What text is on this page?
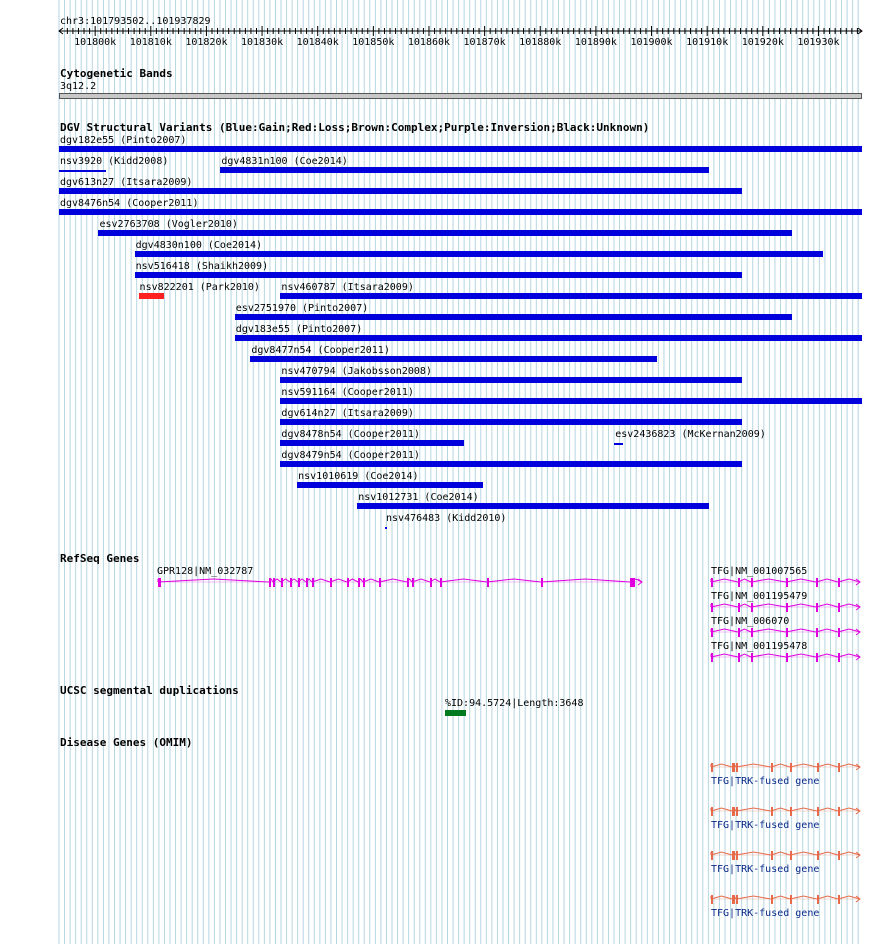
chr3:101793502..101937829
101800k 101810k 101820k 101830k 101840k 101850k 101860k 101870k 101880k 101890k 101900k 101910k 101920k 101930k
Cytogenetic Bands
3q12.2
DGV Structural Variants (Blue:Gain;Red:Loss;Brown:Complex;Purple:Inversion;Black:Unknown)
dgv182e55 (Pinto2007)
nsv3920 (Kidd2008)	dgv4831n100 (Coe2014)
dgv613n27 (Itsara2009)
dgv8476n54 (Cooper2011)
esv2763708 (Vogler2010)
dgv4830n100 (Coe2014)
nsv516418 (Shaikh2009)
nsv822201 (Park2010) nsv460787 (Itsara2009)
esv2751970 (Pinto2007)
dgv183e55 (Pinto2007)
dgv8477n54 (Cooper2011)
nsv470794 (Jakobsson2008)
nsv591164 (Cooper2011)
dgv614n27 (Itsara2009)
dgv8478n54 (Cooper2011)	esv2436823 (McKernan2009)
dgv8479n54 (Cooper2011)
nsv1010619 (Coe2014)
nsv1012731 (Coe2014)
nsv476483 (Kidd2010)
RefSeq Genes
GPR128|NM_032787	TFG|NM_001007565
TFG|NM_001195479
TFG|NM_006070
TFG|NM_001195478
UCSC segmental duplications
%ID:94.5724|Length:3648
Disease Genes (OMIM)
TFG|TRK-fused gene
TFG|TRK-fused gene
TFG|TRK-fused gene
TFG|TRK-fused gene
